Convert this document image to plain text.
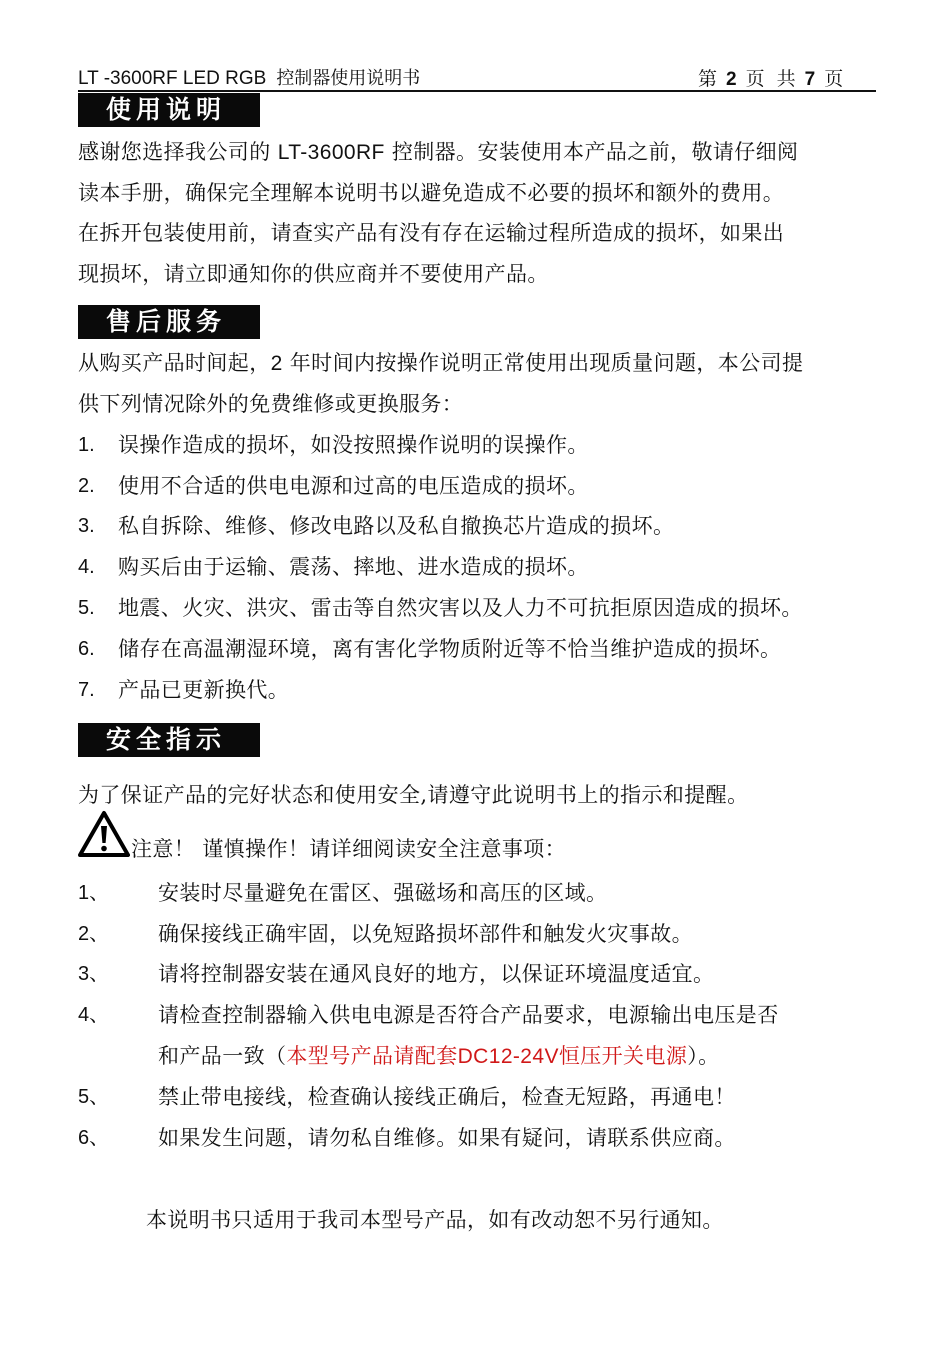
LT -3600RF LED RGB 控制器使用说明书	第 2 页 共 7 页
使用说明
感谢您选择我公司的 LT-3600RF 控制器。安装使用本产品之前，敬请仔细阅
读本手册，确保完全理解本说明书以避免造成不必要的损坏和额外的费用。
在拆开包装使用前，请查实产品有没有存在运输过程所造成的损坏，如果出
现损坏，请立即通知你的供应商并不要使用产品。
售后服务
从购买产品时间起，2 年时间内按操作说明正常使用出现质量问题，本公司提
供下列情况除外的免费维修或更换服务：
1. 误操作造成的损坏，如没按照操作说明的误操作。
2. 使用不合适的供电电源和过高的电压造成的损坏。
3. 私自拆除、维修、修改电路以及私自撤换芯片造成的损坏。
4. 购买后由于运输、震荡、摔地、进水造成的损坏。
5. 地震、火灾、洪灾、雷击等自然灾害以及人力不可抗拒原因造成的损坏。
6. 储存在高温潮湿环境，离有害化学物质附近等不恰当维护造成的损坏。
7. 产品已更新换代。
安全指示
为了保证产品的完好状态和使用安全,请遵守此说明书上的指示和提醒。
注意！ 谨慎操作！请详细阅读安全注意事项：
1、 安装时尽量避免在雷区、强磁场和高压的区域。
2、 确保接线正确牢固，以免短路损坏部件和触发火灾事故。
3、 请将控制器安装在通风良好的地方，以保证环境温度适宜。
4、 请检查控制器输入供电电源是否符合产品要求，电源输出电压是否
和产品一致（本型号产品请配套DC12-24V恒压开关电源）。
5、 禁止带电接线，检查确认接线正确后，检查无短路，再通电！
6、 如果发生问题，请勿私自维修。如果有疑问，请联系供应商。
本说明书只适用于我司本型号产品，如有改动恕不另行通知。
